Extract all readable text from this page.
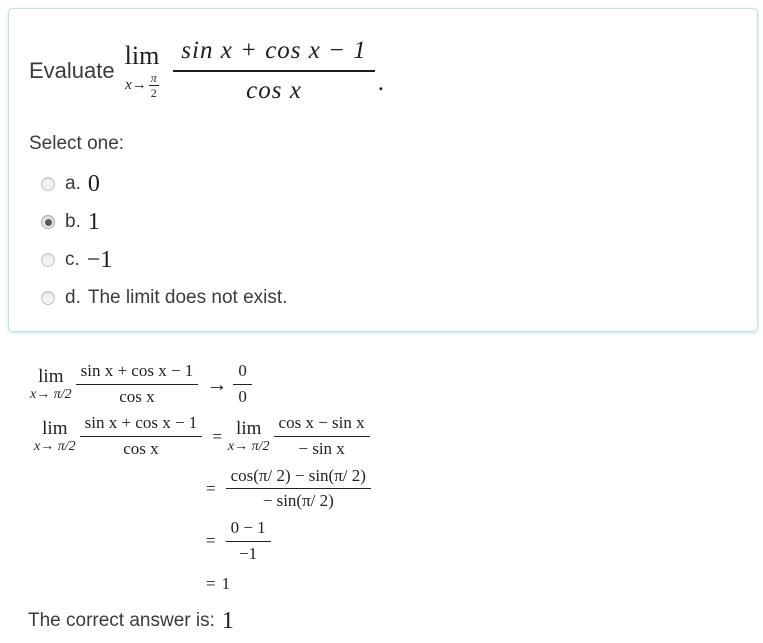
Evaluate
lim
x→ π
$2 \frac{\text{sin x + cos x − 1}}{\text{cos x}}$ .
Select one:
a. 0
b. 1
c. −1
d. The limit does not exist.
lim
$x\to \pi/2 \frac{\text{sin x + cos x − 1}}{\text{cos x}} \to \frac{0}{0}$
lim
$x\to \pi/2 \frac{\text{sin x + cos x − 1}}{\text{cos x}} = \lim$
$x\to \pi/2 \frac{\text{cos x − sin x}}{\text{− sin x}}$
= $\frac{\cos(\pi/ 2) - \sin(\pi/ 2)}{- \sin(\pi/ 2)}$
= $\frac{0 - 1}{-1}$
= 1
The correct answer is: 1
